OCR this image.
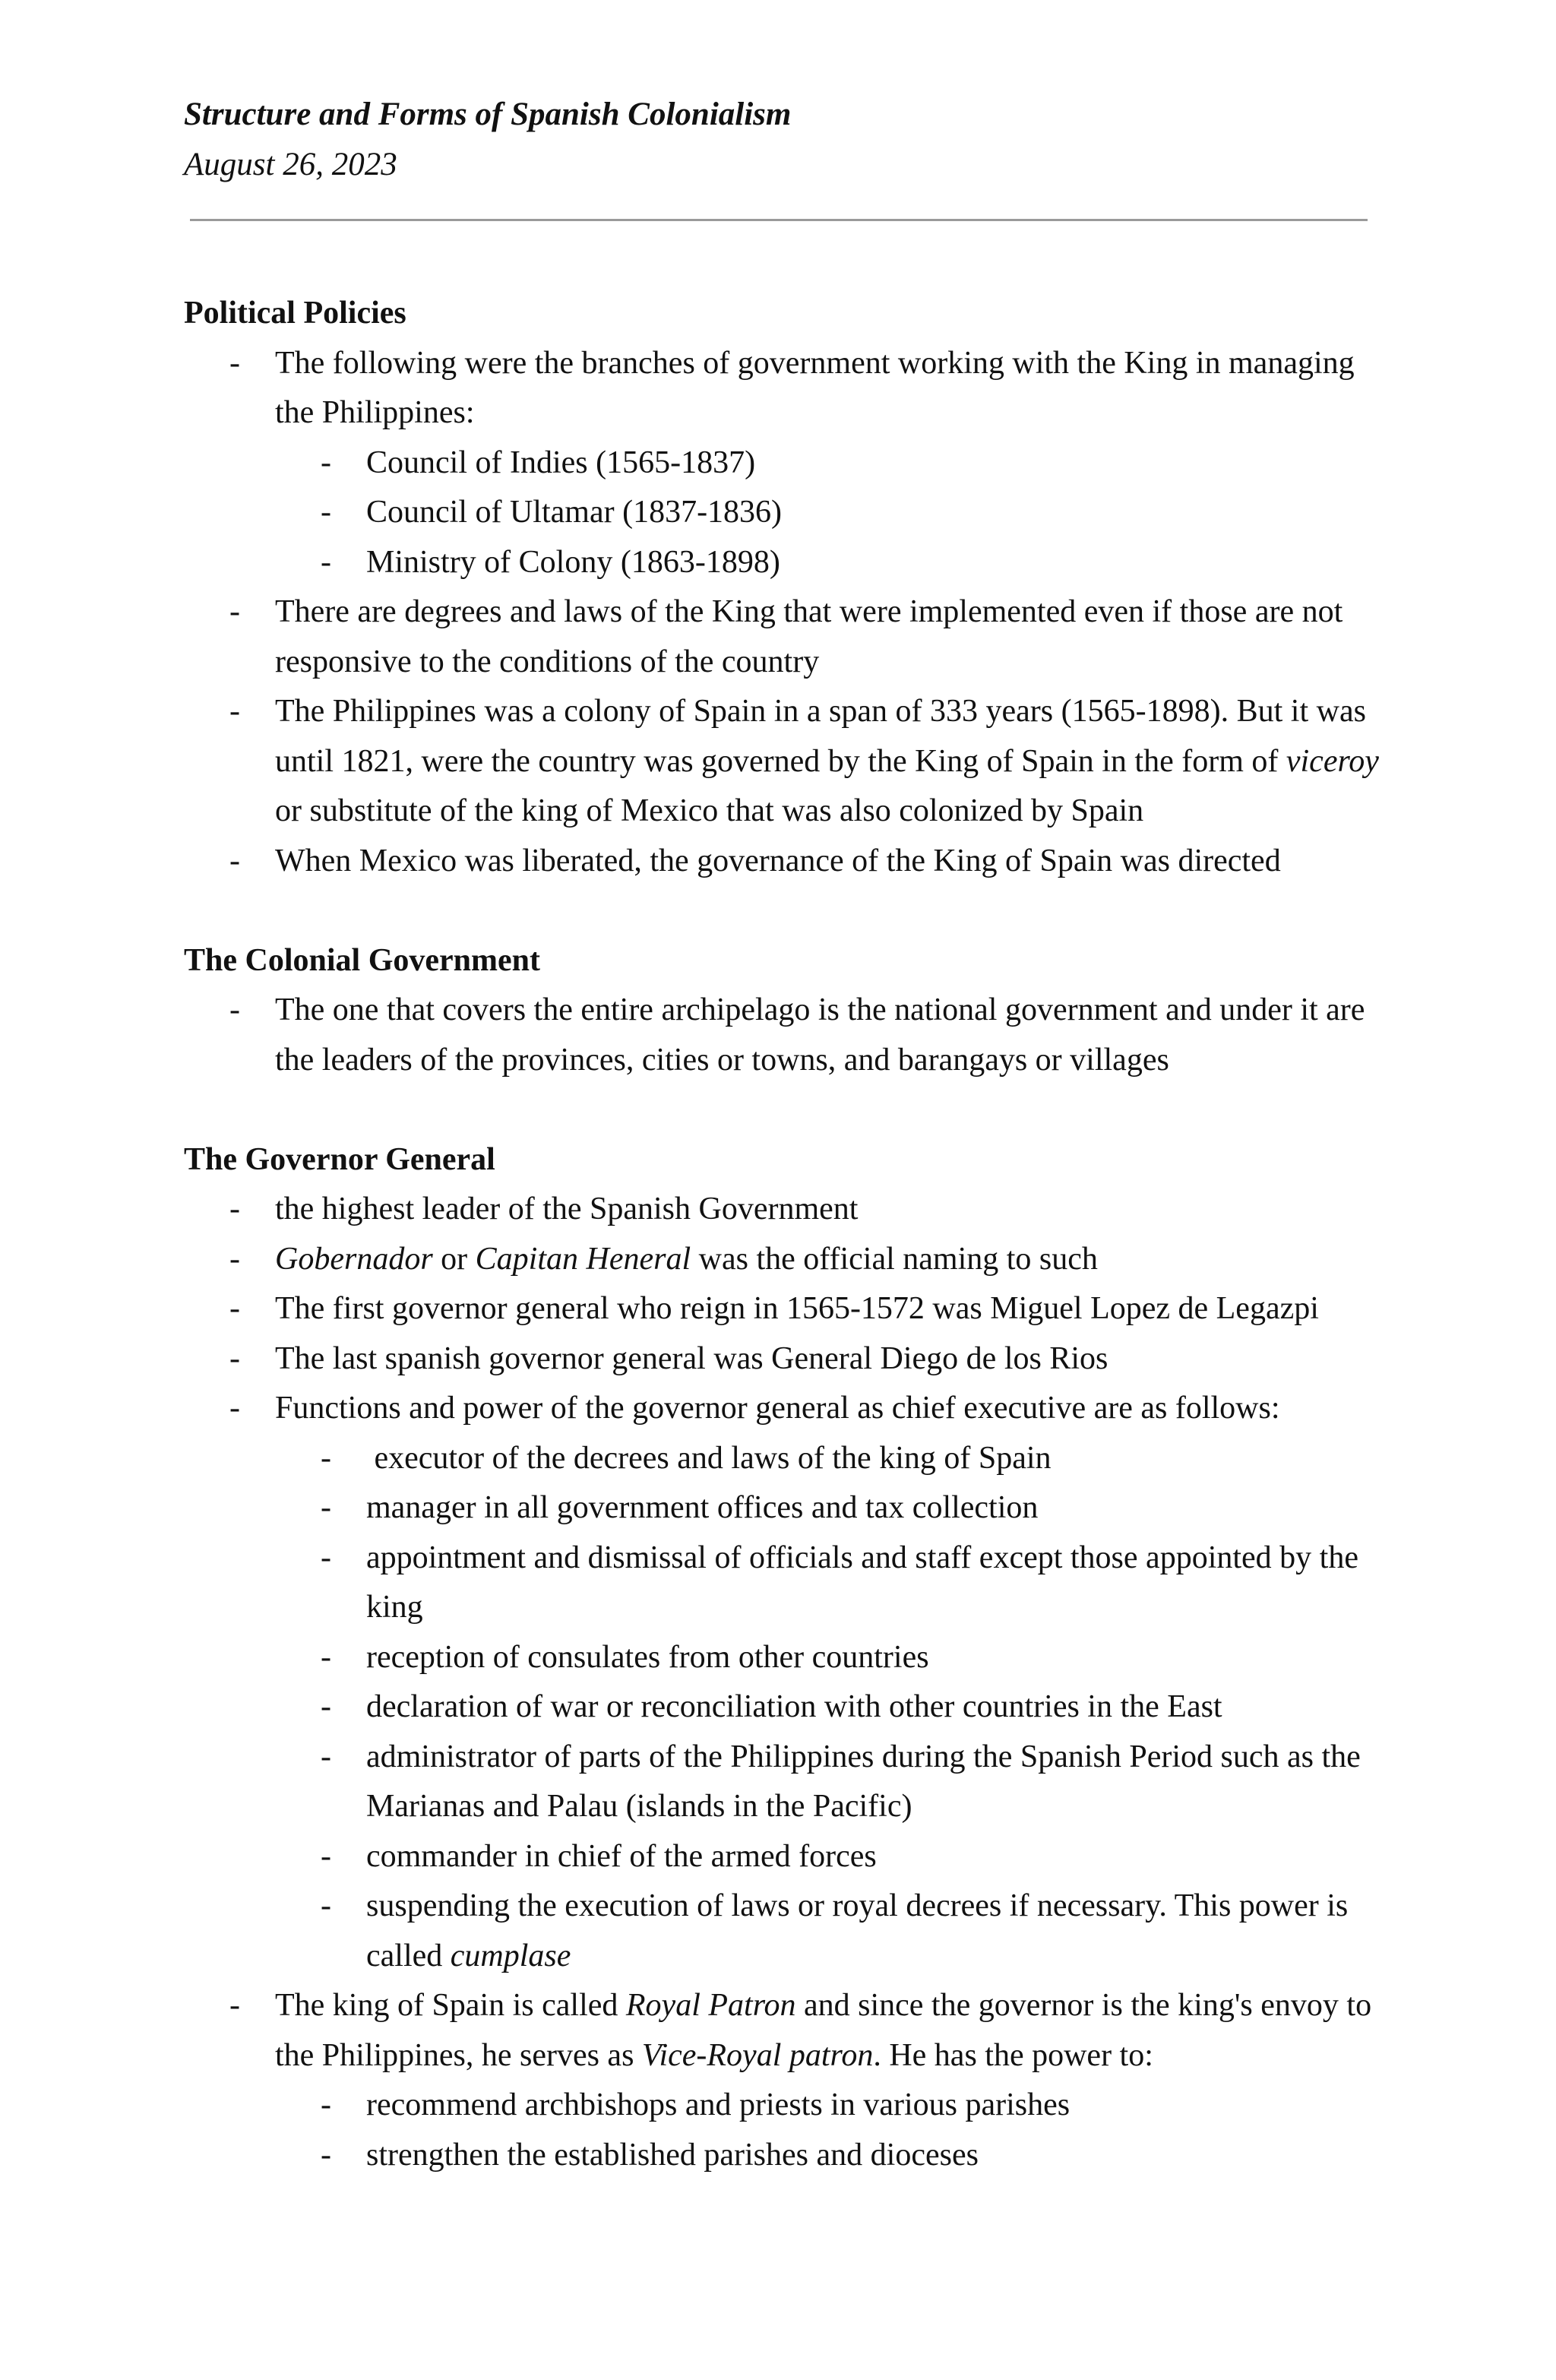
Structure and Forms of Spanish Colonialism

August 26, 2023

Political Policies

- The following were the branches of government working with the King in managing the Philippines:
- Council of Indies (1565-1837)
- Council of Ultamar (1837-1836)
- Ministry of Colony (1863-1898)
- There are degrees and laws of the King that were implemented even if those are not responsive to the conditions of the country
- The Philippines was a colony of Spain in a span of 333 years (1565-1898). But it was until 1821, were the country was governed by the King of Spain in the form of viceroy or substitute of the king of Mexico that was also colonized by Spain
- When Mexico was liberated, the governance of the King of Spain was directed

The Colonial Government

- The one that covers the entire archipelago is the national government and under it are the leaders of the provinces, cities or towns, and barangays or villages

The Governor General

- the highest leader of the Spanish Government
- Gobernador or Capitan Heneral was the official naming to such
- The first governor general who reign in 1565-1572 was Miguel Lopez de Legazpi
- The last spanish governor general was General Diego de los Rios
- Functions and power of the governor general as chief executive are as follows:
-  executor of the decrees and laws of the king of Spain
- manager in all government offices and tax collection
- appointment and dismissal of officials and staff except those appointed by the king
- reception of consulates from other countries
- declaration of war or reconciliation with other countries in the East
- administrator of parts of the Philippines during the Spanish Period such as the Marianas and Palau (islands in the Pacific)
- commander in chief of the armed forces
- suspending the execution of laws or royal decrees if necessary. This power is called cumplase
- The king of Spain is called Royal Patron and since the governor is the king's envoy to the Philippines, he serves as Vice-Royal patron. He has the power to:
- recommend archbishops and priests in various parishes
- strengthen the established parishes and dioceses
